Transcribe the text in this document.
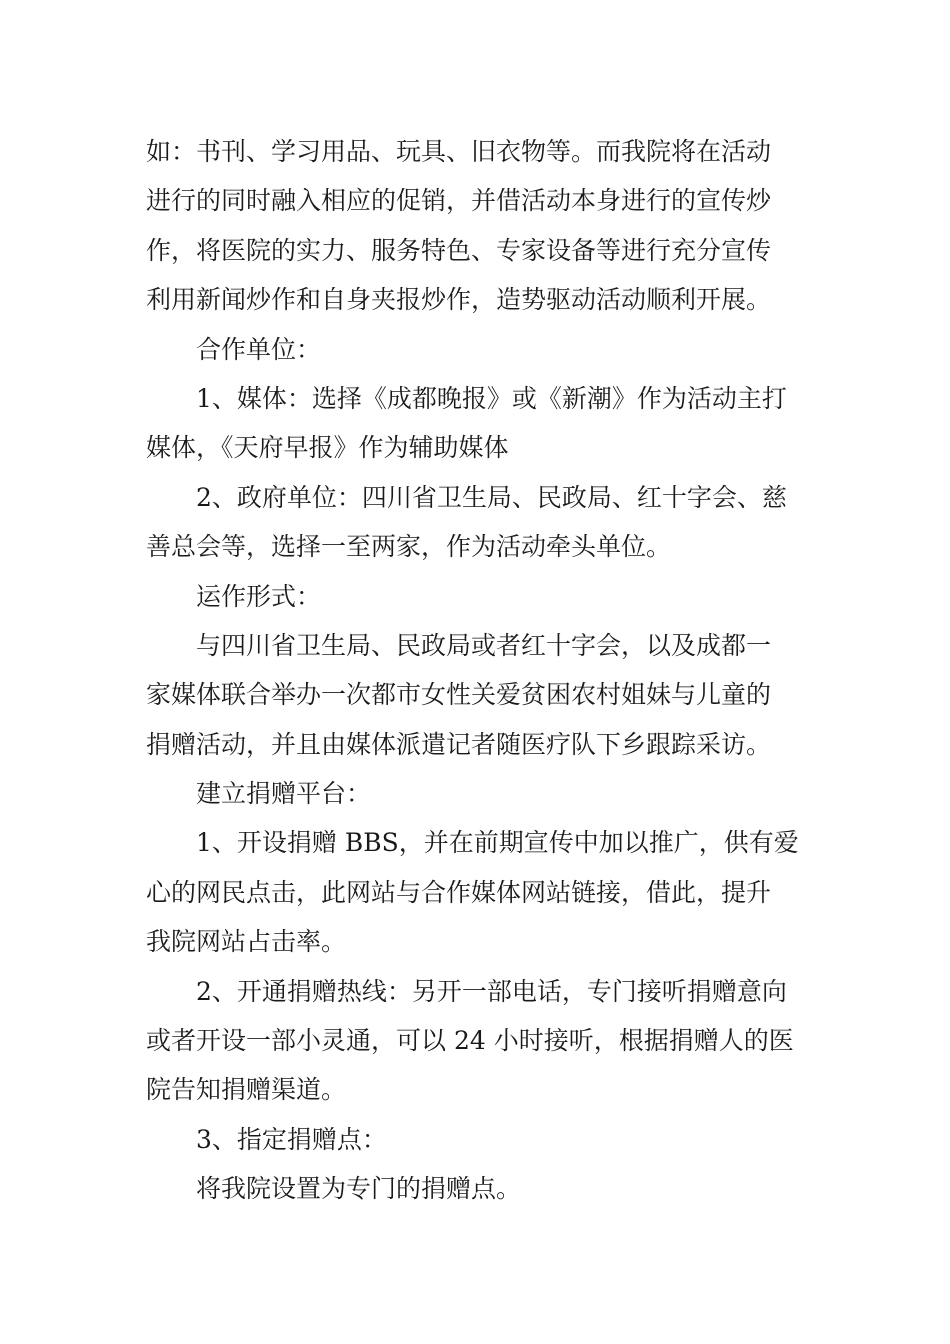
如：书刊、学习用品、玩具、旧衣物等。而我院将在活动
进行的同时融入相应的促销，并借活动本身进行的宣传炒
作，将医院的实力、服务特色、专家设备等进行充分宣传
利用新闻炒作和自身夹报炒作，造势驱动活动顺利开展。
合作单位：
1、媒体：选择《成都晚报》或《新潮》作为活动主打
媒体，《天府早报》作为辅助媒体
2、政府单位：四川省卫生局、民政局、红十字会、慈
善总会等，选择一至两家，作为活动牵头单位。
运作形式：
与四川省卫生局、民政局或者红十字会，以及成都一
家媒体联合举办一次都市女性关爱贫困农村姐妹与儿童的
捐赠活动，并且由媒体派遣记者随医疗队下乡跟踪采访。
建立捐赠平台：
1、开设捐赠 BBS，并在前期宣传中加以推广，供有爱
心的网民点击，此网站与合作媒体网站链接，借此，提升
我院网站占击率。
2、开通捐赠热线：另开一部电话，专门接听捐赠意向
或者开设一部小灵通，可以 24 小时接听，根据捐赠人的医
院告知捐赠渠道。
3、指定捐赠点：
将我院设置为专门的捐赠点。
